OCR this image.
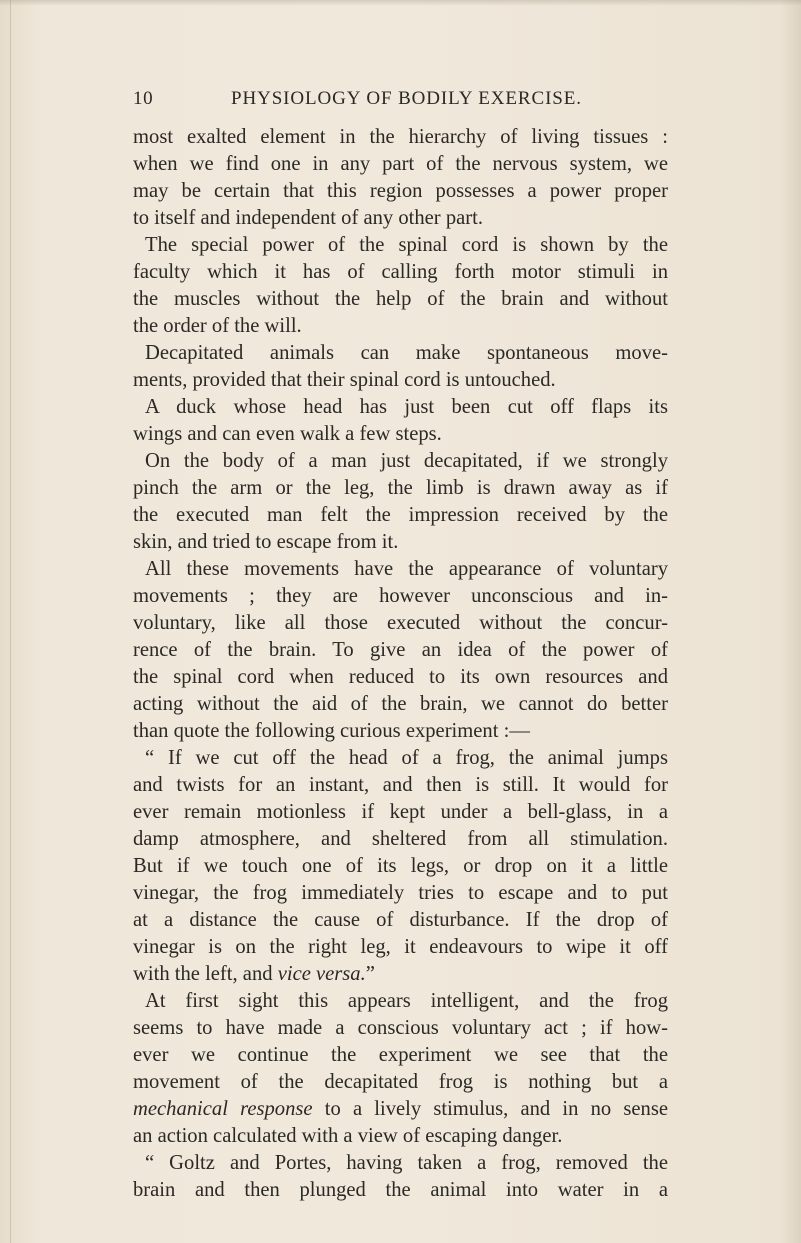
10	PHYSIOLOGY OF BODILY EXERCISE.
most exalted element in the hierarchy of living tissues :
when we find one in any part of the nervous system, we
may be certain that this region possesses a power proper
to itself and independent of any other part.
The special power of the spinal cord is shown by the
faculty which it has of calling forth motor stimuli in
the muscles without the help of the brain and without
the order of the will.
Decapitated animals can make spontaneous move-
ments, provided that their spinal cord is untouched.
A duck whose head has just been cut off flaps its
wings and can even walk a few steps.
On the body of a man just decapitated, if we strongly
pinch the arm or the leg, the limb is drawn away as if
the executed man felt the impression received by the
skin, and tried to escape from it.
All these movements have the appearance of voluntary
movements ; they are however unconscious and in-
voluntary, like all those executed without the concur-
rence of the brain. To give an idea of the power of
the spinal cord when reduced to its own resources and
acting without the aid of the brain, we cannot do better
than quote the following curious experiment :—
“ If we cut off the head of a frog, the animal jumps
and twists for an instant, and then is still. It would for
ever remain motionless if kept under a bell-glass, in a
damp atmosphere, and sheltered from all stimulation.
But if we touch one of its legs, or drop on it a little
vinegar, the frog immediately tries to escape and to put
at a distance the cause of disturbance. If the drop of
vinegar is on the right leg, it endeavours to wipe it off
with the left, and vice versa.”
At first sight this appears intelligent, and the frog
seems to have made a conscious voluntary act ; if how-
ever we continue the experiment we see that the
movement of the decapitated frog is nothing but a
mechanical response to a lively stimulus, and in no sense
an action calculated with a view of escaping danger.
“ Goltz and Portes, having taken a frog, removed the
brain and then plunged the animal into water in a
